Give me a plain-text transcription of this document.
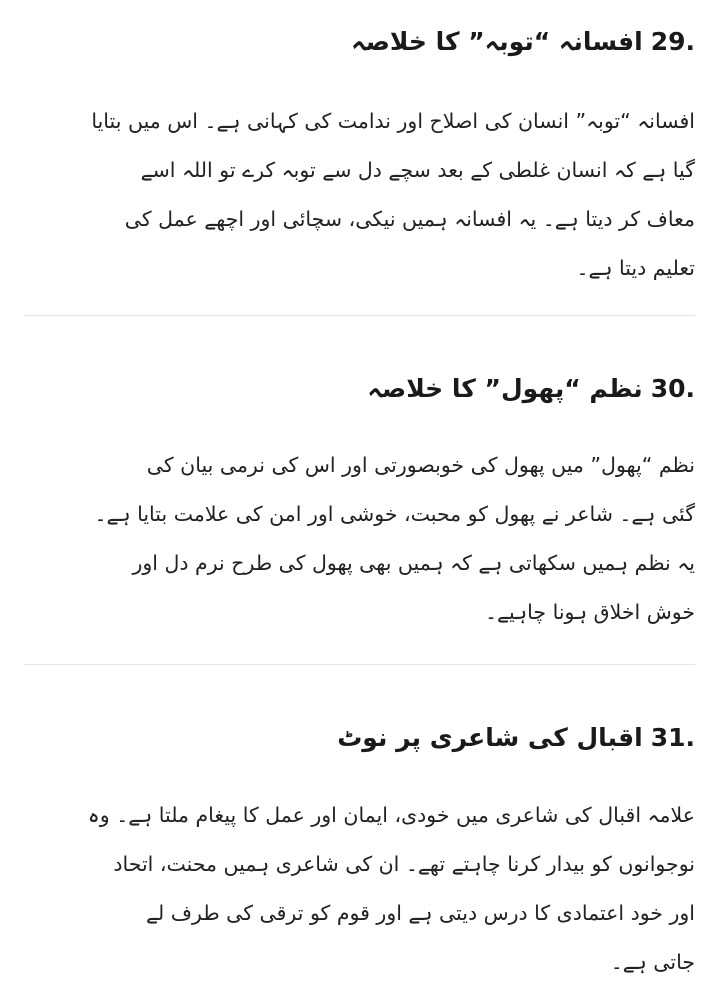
29.
افسانہ “توبہ” کا خلاصہ

افسانہ “توبہ” انسان کی اصلاح اور ندامت کی کہانی ہے۔ اس میں بتایا
گیا ہے کہ انسان غلطی کے بعد سچے دل سے توبہ کرے تو اللہ اسے
معاف کر دیتا ہے۔ یہ افسانہ ہمیں نیکی، سچائی اور اچھے عمل کی
تعلیم دیتا ہے۔

30.
نظم “پھول” کا خلاصہ

نظم “پھول” میں پھول کی خوبصورتی اور اس کی نرمی بیان کی
گئی ہے۔ شاعر نے پھول کو محبت، خوشی اور امن کی علامت بتایا ہے۔
یہ نظم ہمیں سکھاتی ہے کہ ہمیں بھی پھول کی طرح نرم دل اور
خوش اخلاق ہونا چاہیے۔

31.
اقبال کی شاعری پر نوٹ

علامہ اقبال کی شاعری میں خودی، ایمان اور عمل کا پیغام ملتا ہے۔ وہ
نوجوانوں کو بیدار کرنا چاہتے تھے۔ ان کی شاعری ہمیں محنت، اتحاد
اور خود اعتمادی کا درس دیتی ہے اور قوم کو ترقی کی طرف لے
جاتی ہے۔
